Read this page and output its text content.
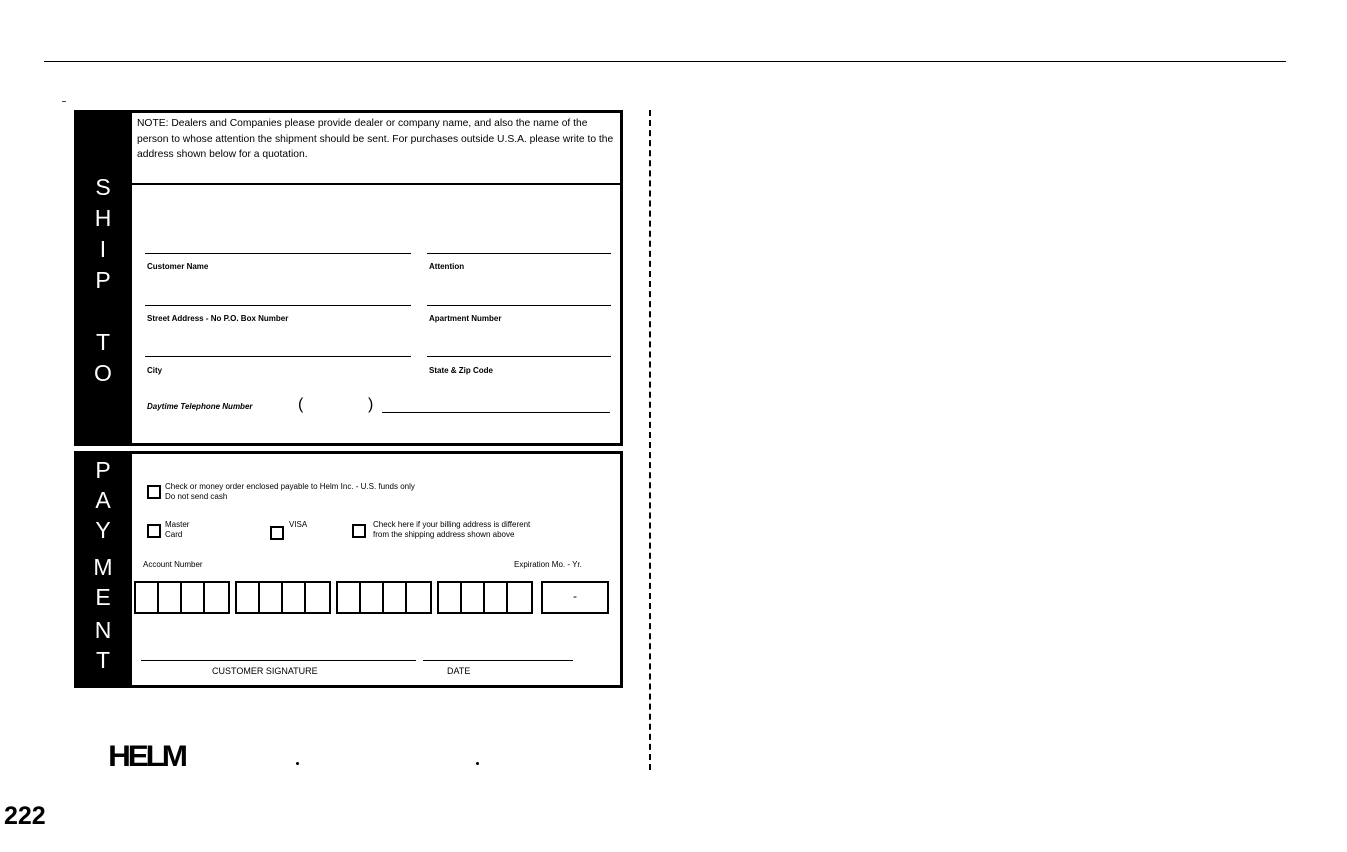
S
H
I
P
T
O
NOTE: Dealers and Companies please provide dealer or company name, and also the name of the person to whose attention the shipment should be sent. For purchases outside U.S.A. please write to the address shown below for a quotation.
Customer Name	Attention
Street Address - No P.O. Box Number	Apartment Number
City	State & Zip Code
Daytime Telephone Number	(	)
P
A
Y
M
E
N
T
Check or money order enclosed payable to Helm Inc. - U.S. funds only
Do not send cash
Master
Card
VISA	Check here if your billing address is different
from the shipping address shown above
Account Number	Expiration Mo. - Yr.
-
CUSTOMER SIGNATURE	DATE
HELM
222
